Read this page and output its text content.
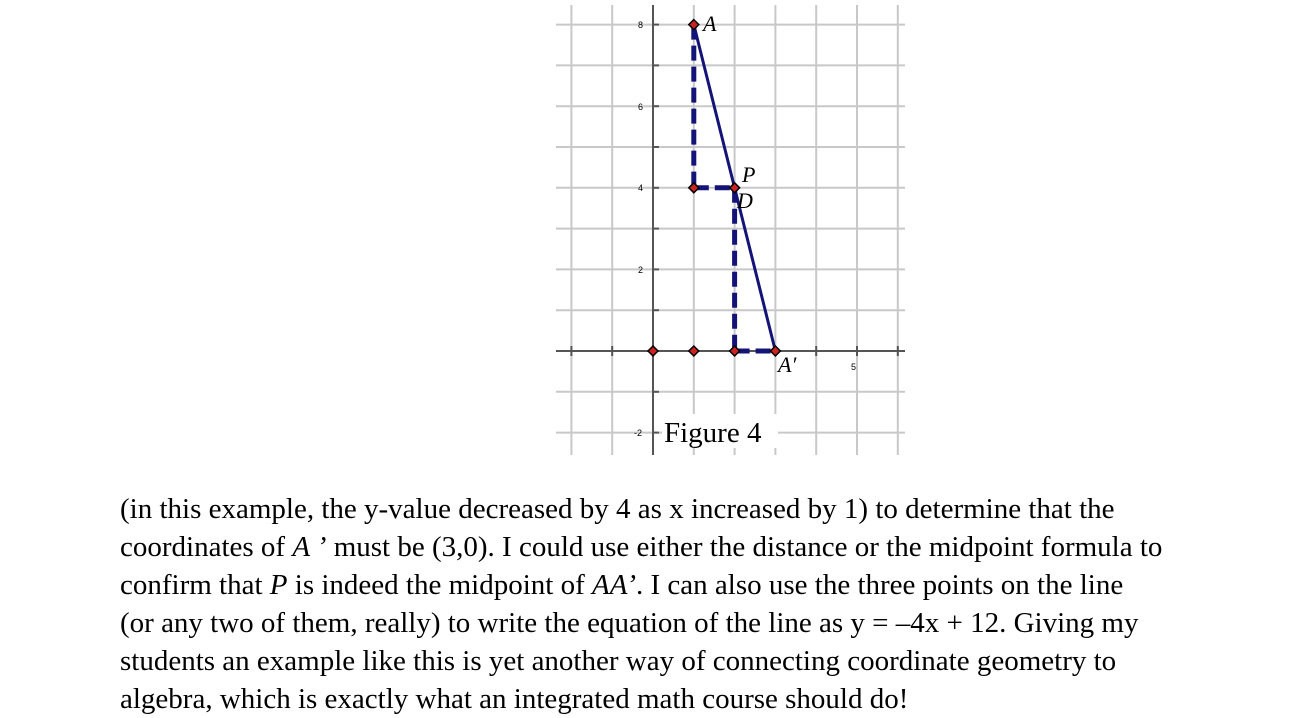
8
6
4
2
-2
5
A
P
D
A′
Figure 4
(in this example, the y-value decreased by 4 as x increased by 1) to determine that the
coordinates of A ’ must be (3,0). I could use either the distance or the midpoint formula to
confirm that P is indeed the midpoint of AA’. I can also use the three points on the line
(or any two of them, really) to write the equation of the line as y = –4x + 12. Giving my
students an example like this is yet another way of connecting coordinate geometry to
algebra, which is exactly what an integrated math course should do!
